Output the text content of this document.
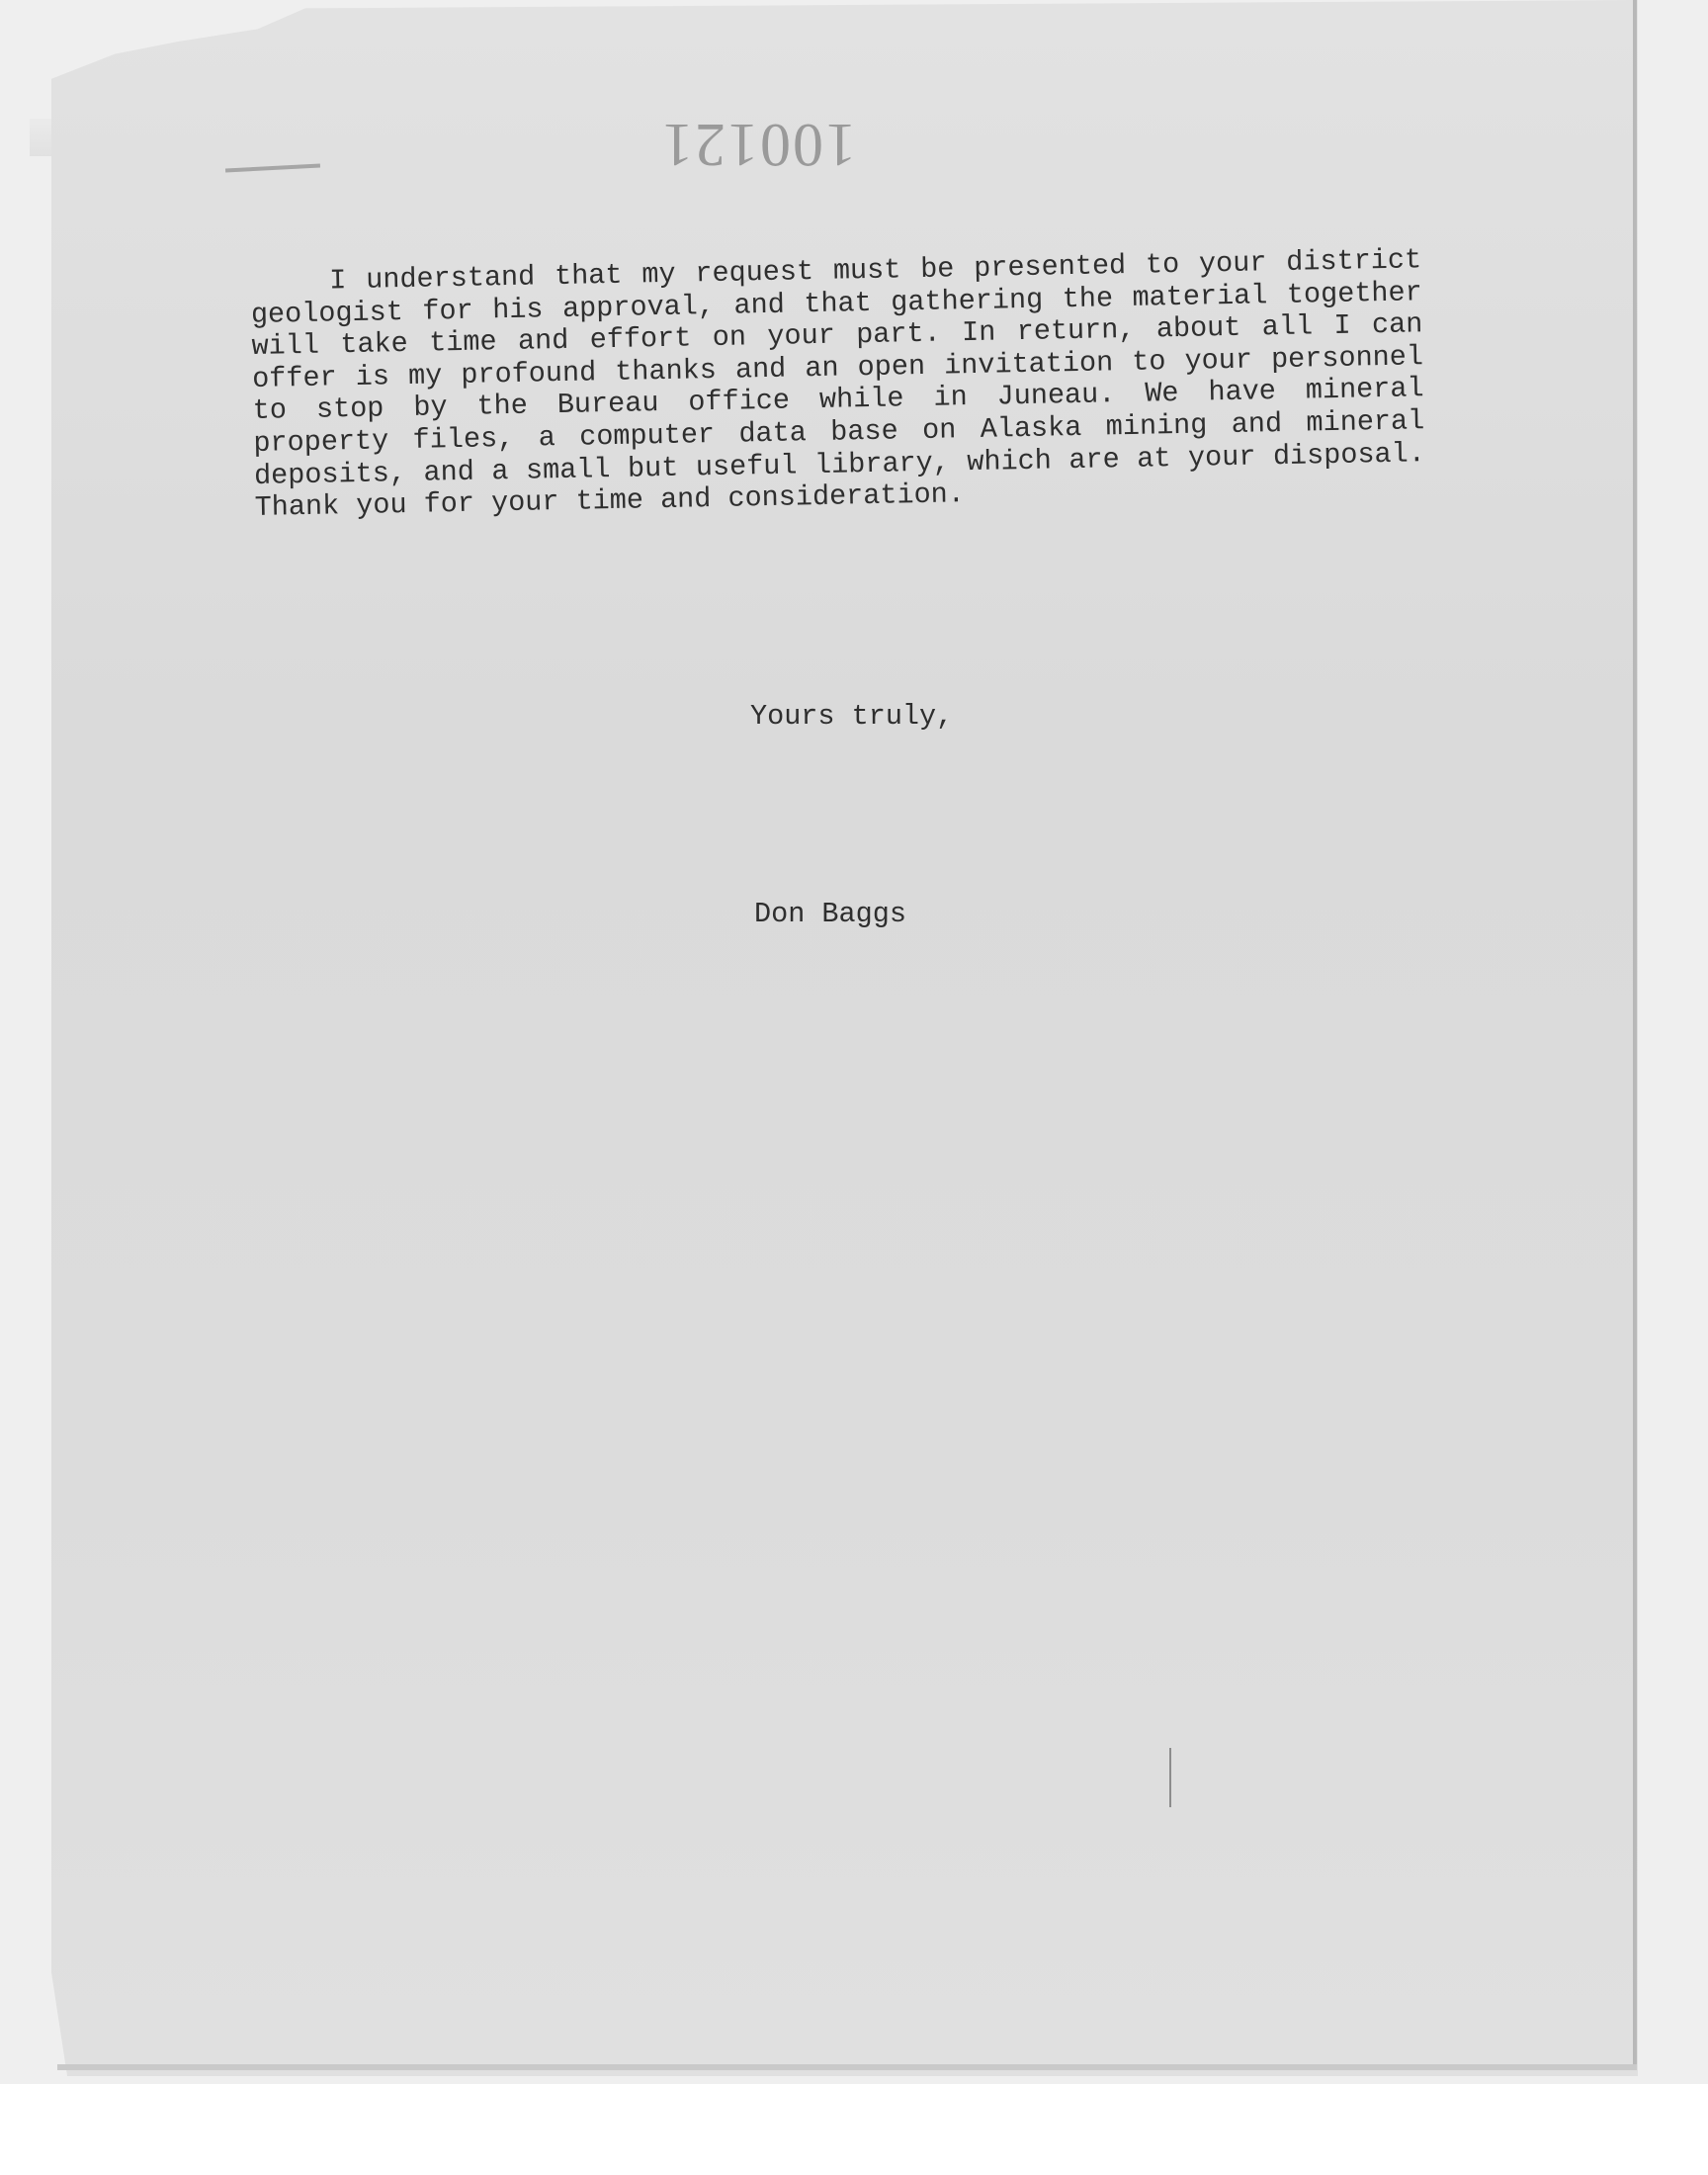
100121

I understand that my request must be presented to your district geologist for his approval, and that gathering the material together will take time and effort on your part. In return, about all I can offer is my profound thanks and an open invitation to your personnel to stop by the Bureau office while in Juneau. We have mineral property files, a computer data base on Alaska mining and mineral deposits, and a small but useful library, which are at your disposal. Thank you for your time and consideration.

Yours truly,

Don Baggs
